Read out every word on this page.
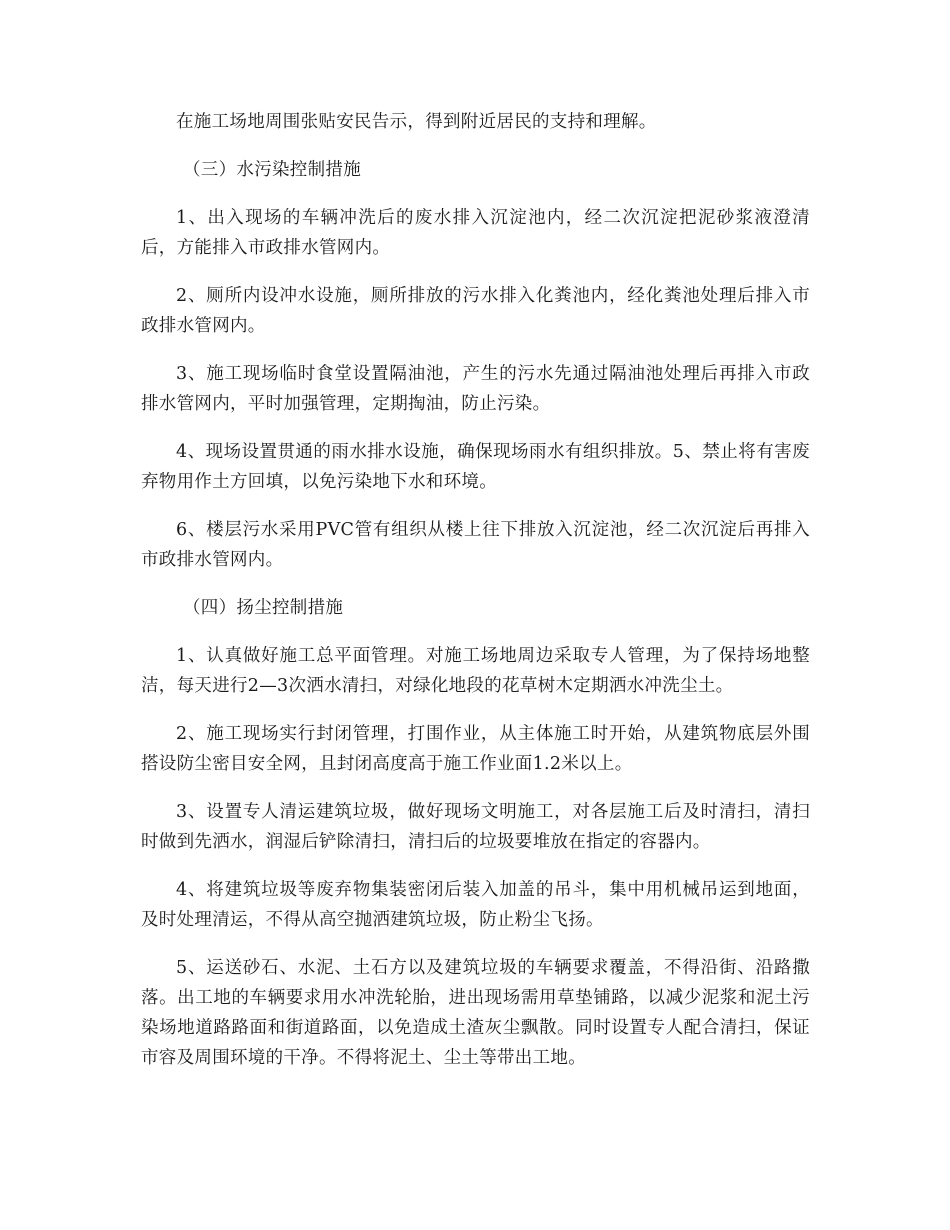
在施工场地周围张贴安民告示，得到附近居民的支持和理解。

（三）水污染控制措施

1、出入现场的车辆冲洗后的废水排入沉淀池内，经二次沉淀把泥砂浆液澄清后，方能排入市政排水管网内。

2、厕所内设冲水设施，厕所排放的污水排入化粪池内，经化粪池处理后排入市政排水管网内。

3、施工现场临时食堂设置隔油池，产生的污水先通过隔油池处理后再排入市政排水管网内，平时加强管理，定期掏油，防止污染。

4、现场设置贯通的雨水排水设施，确保现场雨水有组织排放。5、禁止将有害废弃物用作土方回填，以免污染地下水和环境。

6、楼层污水采用PVC管有组织从楼上往下排放入沉淀池，经二次沉淀后再排入市政排水管网内。

（四）扬尘控制措施

1、认真做好施工总平面管理。对施工场地周边采取专人管理，为了保持场地整洁，每天进行2—3次洒水清扫，对绿化地段的花草树木定期洒水冲洗尘土。

2、施工现场实行封闭管理，打围作业，从主体施工时开始，从建筑物底层外围搭设防尘密目安全网，且封闭高度高于施工作业面1.2米以上。

3、设置专人清运建筑垃圾，做好现场文明施工，对各层施工后及时清扫，清扫时做到先洒水，润湿后铲除清扫，清扫后的垃圾要堆放在指定的容器内。

4、将建筑垃圾等废弃物集装密闭后装入加盖的吊斗，集中用机械吊运到地面，及时处理清运，不得从高空抛洒建筑垃圾，防止粉尘飞扬。

5、运送砂石、水泥、土石方以及建筑垃圾的车辆要求覆盖，不得沿街、沿路撒落。出工地的车辆要求用水冲洗轮胎，进出现场需用草垫铺路，以减少泥浆和泥土污染场地道路路面和街道路面，以免造成土渣灰尘飘散。同时设置专人配合清扫，保证市容及周围环境的干净。不得将泥土、尘土等带出工地。
